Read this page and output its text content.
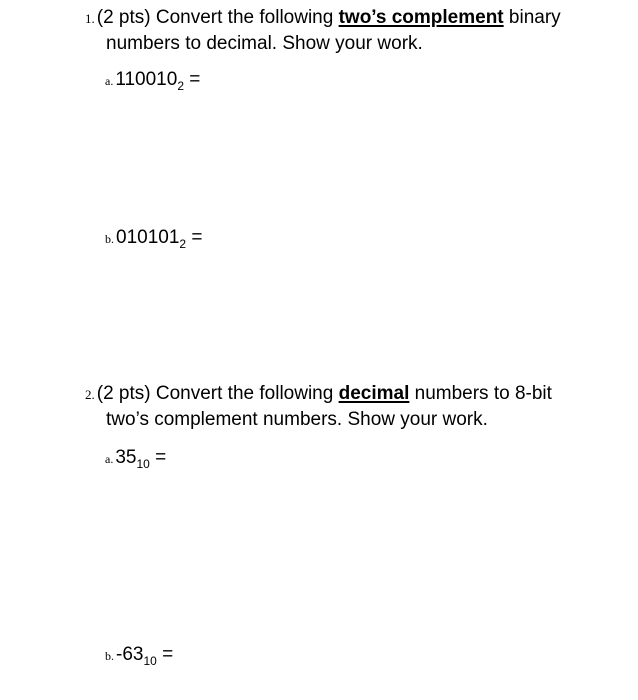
1. (2 pts) Convert the following two’s complement binary
numbers to decimal. Show your work.
a. $110010_2$ =
b. $010101_2$ =
2. (2 pts) Convert the following decimal numbers to 8-bit
two’s complement numbers. Show your work.
a. $35_{10}$ =
b. $-63_{10}$ =
